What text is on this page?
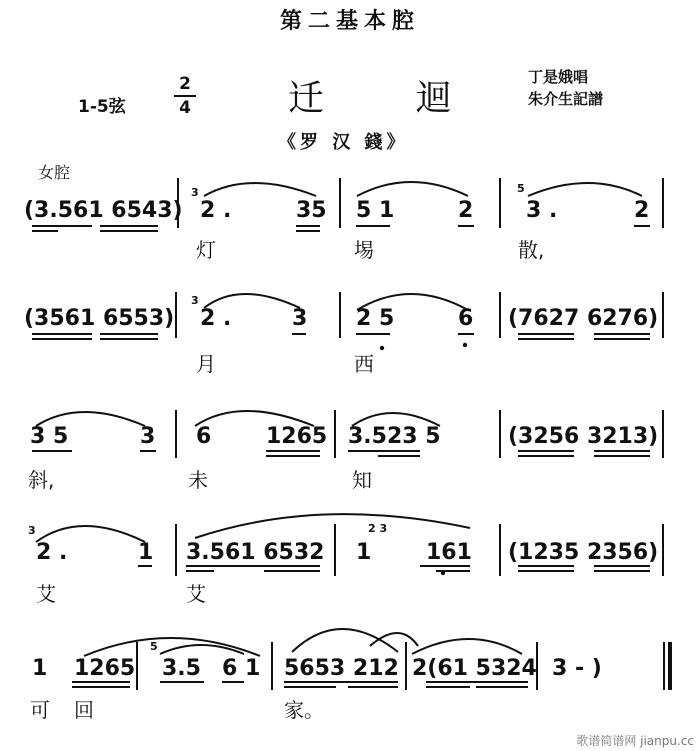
第二基本腔
1-5弦
2
4	迁 迴
丁是娥唱
朱介生記譜
《罗 汉 錢》
女腔
(3.561 6543)
3
2 .	35 5 1	2
5
3 .	2
灯	埸	散,
(3561 6553)
3
2 .	3 2 5	6 (7627 6276)
月	西
3 5	3 6 1265 3.523 5	(3256 3213)
斜,	未	知
3
2 .	1 3.561 6532
2 3
1 161 (1235 2356)
艾	艾
1 1265
5
3.5 6 1 5653 212 2(61 5324 3 - )
可 回	家。
歌谱简谱网 jianpu.cc
